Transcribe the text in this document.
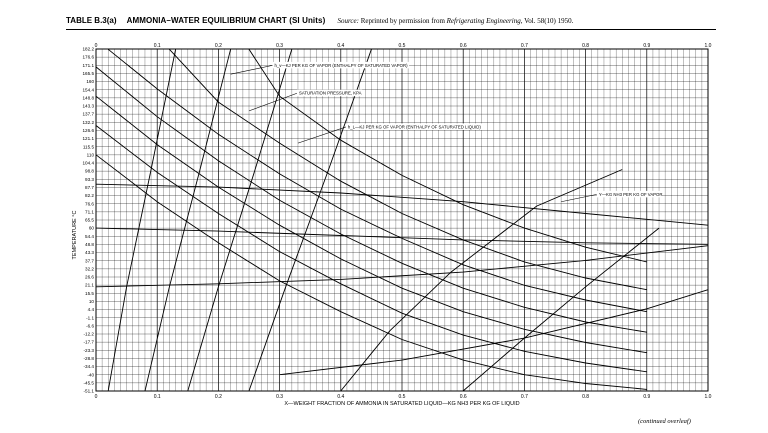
TABLE B.3(a) AMMONIA–WATER EQUILIBRIUM CHART (SI Units) Source: Reprinted by permission from Refrigerating Engineering, Vol. 58(10) 1950.
0
0
0.1
0.1
0.2
0.2
0.3
0.3
0.4
0.4
0.5
0.5
0.6
0.6
0.7
0.7
0.8
0.8
0.9
0.9
1.0
1.0
182.2
176.6
171.1
165.5
160
154.4
148.8
143.3
137.7
132.2
126.6
121.1
115.5
110
104.4
98.8
93.3
87.7
82.2
76.6
71.1
65.5
60
54.4
48.8
43.3
37.7
32.2
26.6
21.1
15.5
10
4.4
-1.1
-6.6
-12.2
-17.7
-23.3
-28.8
-34.4
-40
-45.5
-51.1
h_v—KJ PER KG OF VAPOR (ENTHALPY OF SATURATED VAPOR)
SATURATION PRESSURE, KPA
h_L—KJ PER KG OF VAPOR (ENTHALPY OF SATURATED LIQUID)
Y—KG NH3 PER KG OF VAPOR
X—WEIGHT FRACTION OF AMMONIA IN SATURATED LIQUID—KG NH3 PER KG OF LIQUID
TEMPERATURE °C
(continued overleaf)
